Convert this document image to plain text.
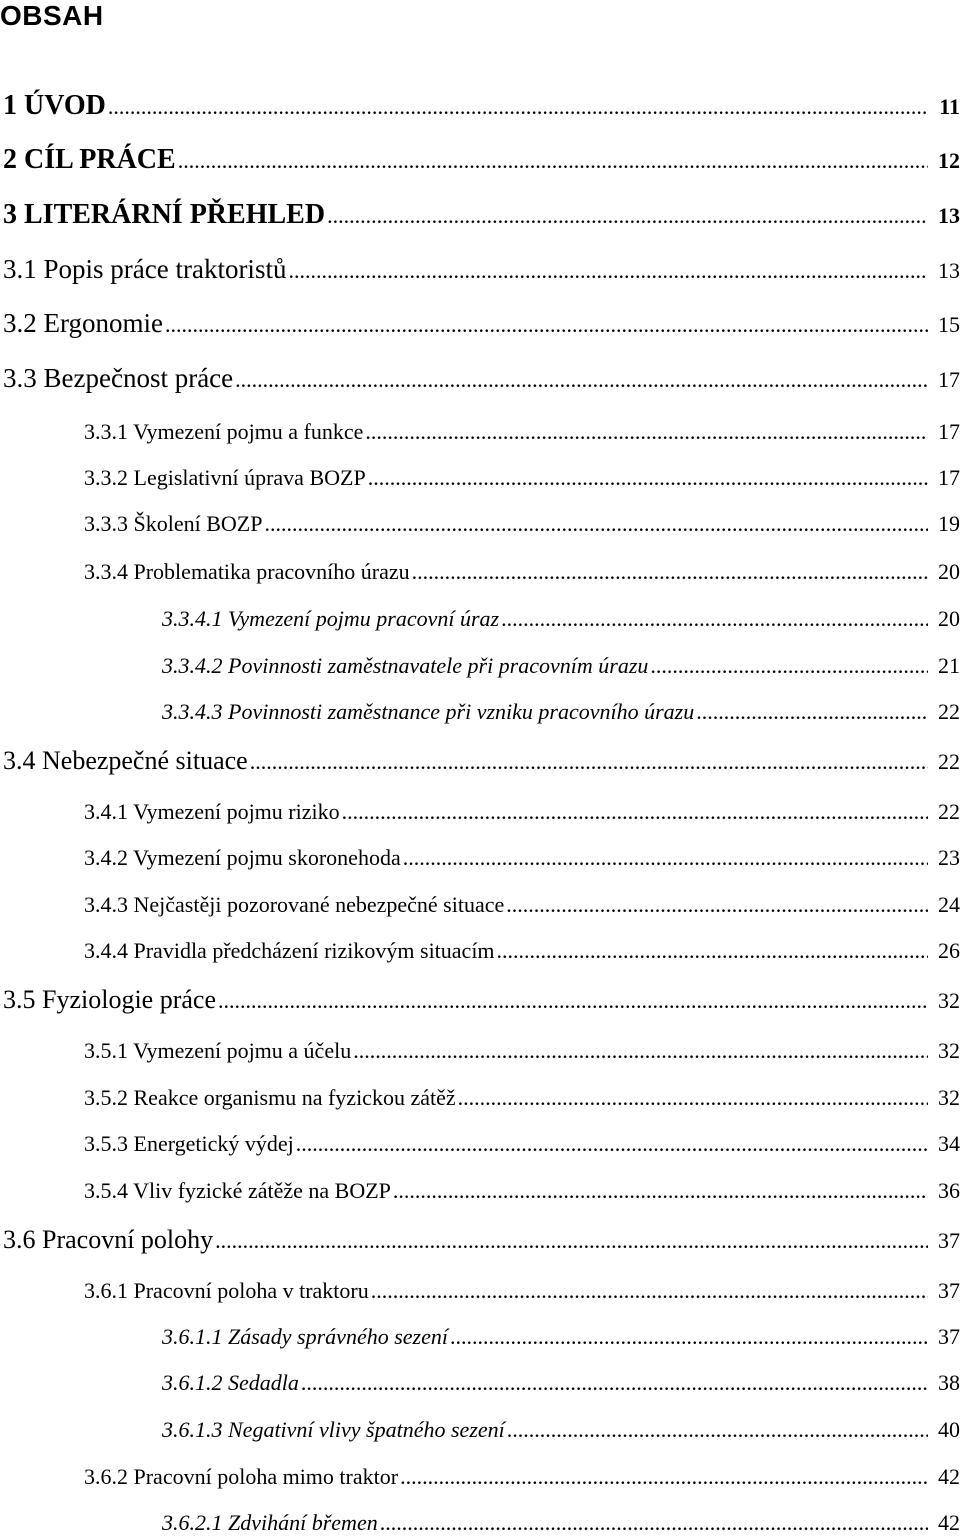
OBSAH
1 ÚVOD .....	11
2 CÍL PRÁCE .....	12
3 LITERÁRNÍ PŘEHLED .....	13
3.1 Popis práce traktoristů .....	13
3.2 Ergonomie .....	15
3.3 Bezpečnost práce .....	17
3.3.1 Vymezení pojmu a funkce .....	17
3.3.2 Legislativní úprava BOZP .....	17
3.3.3 Školení BOZP .....	19
3.3.4 Problematika pracovního úrazu .....	20
3.3.4.1 Vymezení pojmu pracovní úraz .....	20
3.3.4.2 Povinnosti zaměstnavatele při pracovním úrazu .....	21
3.3.4.3 Povinnosti zaměstnance při vzniku pracovního úrazu .....	22
3.4 Nebezpečné situace .....	22
3.4.1 Vymezení pojmu riziko .....	22
3.4.2 Vymezení pojmu skoronehoda .....	23
3.4.3 Nejčastěji pozorované nebezpečné situace .....	24
3.4.4 Pravidla předcházení rizikovým situacím .....	26
3.5 Fyziologie práce .....	32
3.5.1 Vymezení pojmu a účelu .....	32
3.5.2 Reakce organismu na fyzickou zátěž .....	32
3.5.3 Energetický výdej .....	34
3.5.4 Vliv fyzické zátěže na BOZP .....	36
3.6 Pracovní polohy .....	37
3.6.1 Pracovní poloha v traktoru .....	37
3.6.1.1 Zásady správného sezení .....	37
3.6.1.2 Sedadla .....	38
3.6.1.3 Negativní vlivy špatného sezení .....	40
3.6.2 Pracovní poloha mimo traktor .....	42
3.6.2.1 Zdvihání břemen .....	42
